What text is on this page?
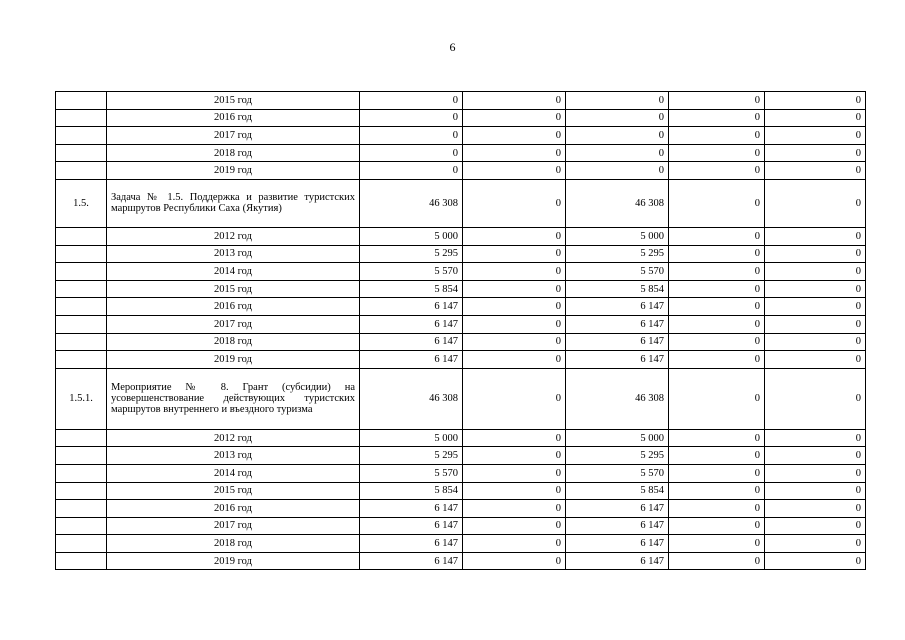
6
	2015 год	0	0	0	0	0
	2016 год	0	0	0	0	0
	2017 год	0	0	0	0	0
	2018 год	0	0	0	0	0
	2019 год	0	0	0	0	0
1.5.	Задача № 1.5. Поддержка и развитие туристских маршрутов Республики Саха (Якутия)	46 308	0	46 308	0	0
	2012 год	5 000	0	5 000	0	0
	2013 год	5 295	0	5 295	0	0
	2014 год	5 570	0	5 570	0	0
	2015 год	5 854	0	5 854	0	0
	2016 год	6 147	0	6 147	0	0
	2017 год	6 147	0	6 147	0	0
	2018 год	6 147	0	6 147	0	0
	2019 год	6 147	0	6 147	0	0
1.5.1.	Мероприятие № 8. Грант (субсидии) на усовершенствование действующих туристских маршрутов внутреннего и въездного туризма	46 308	0	46 308	0	0
	2012 год	5 000	0	5 000	0	0
	2013 год	5 295	0	5 295	0	0
	2014 год	5 570	0	5 570	0	0
	2015 год	5 854	0	5 854	0	0
	2016 год	6 147	0	6 147	0	0
	2017 год	6 147	0	6 147	0	0
	2018 год	6 147	0	6 147	0	0
	2019 год	6 147	0	6 147	0	0
